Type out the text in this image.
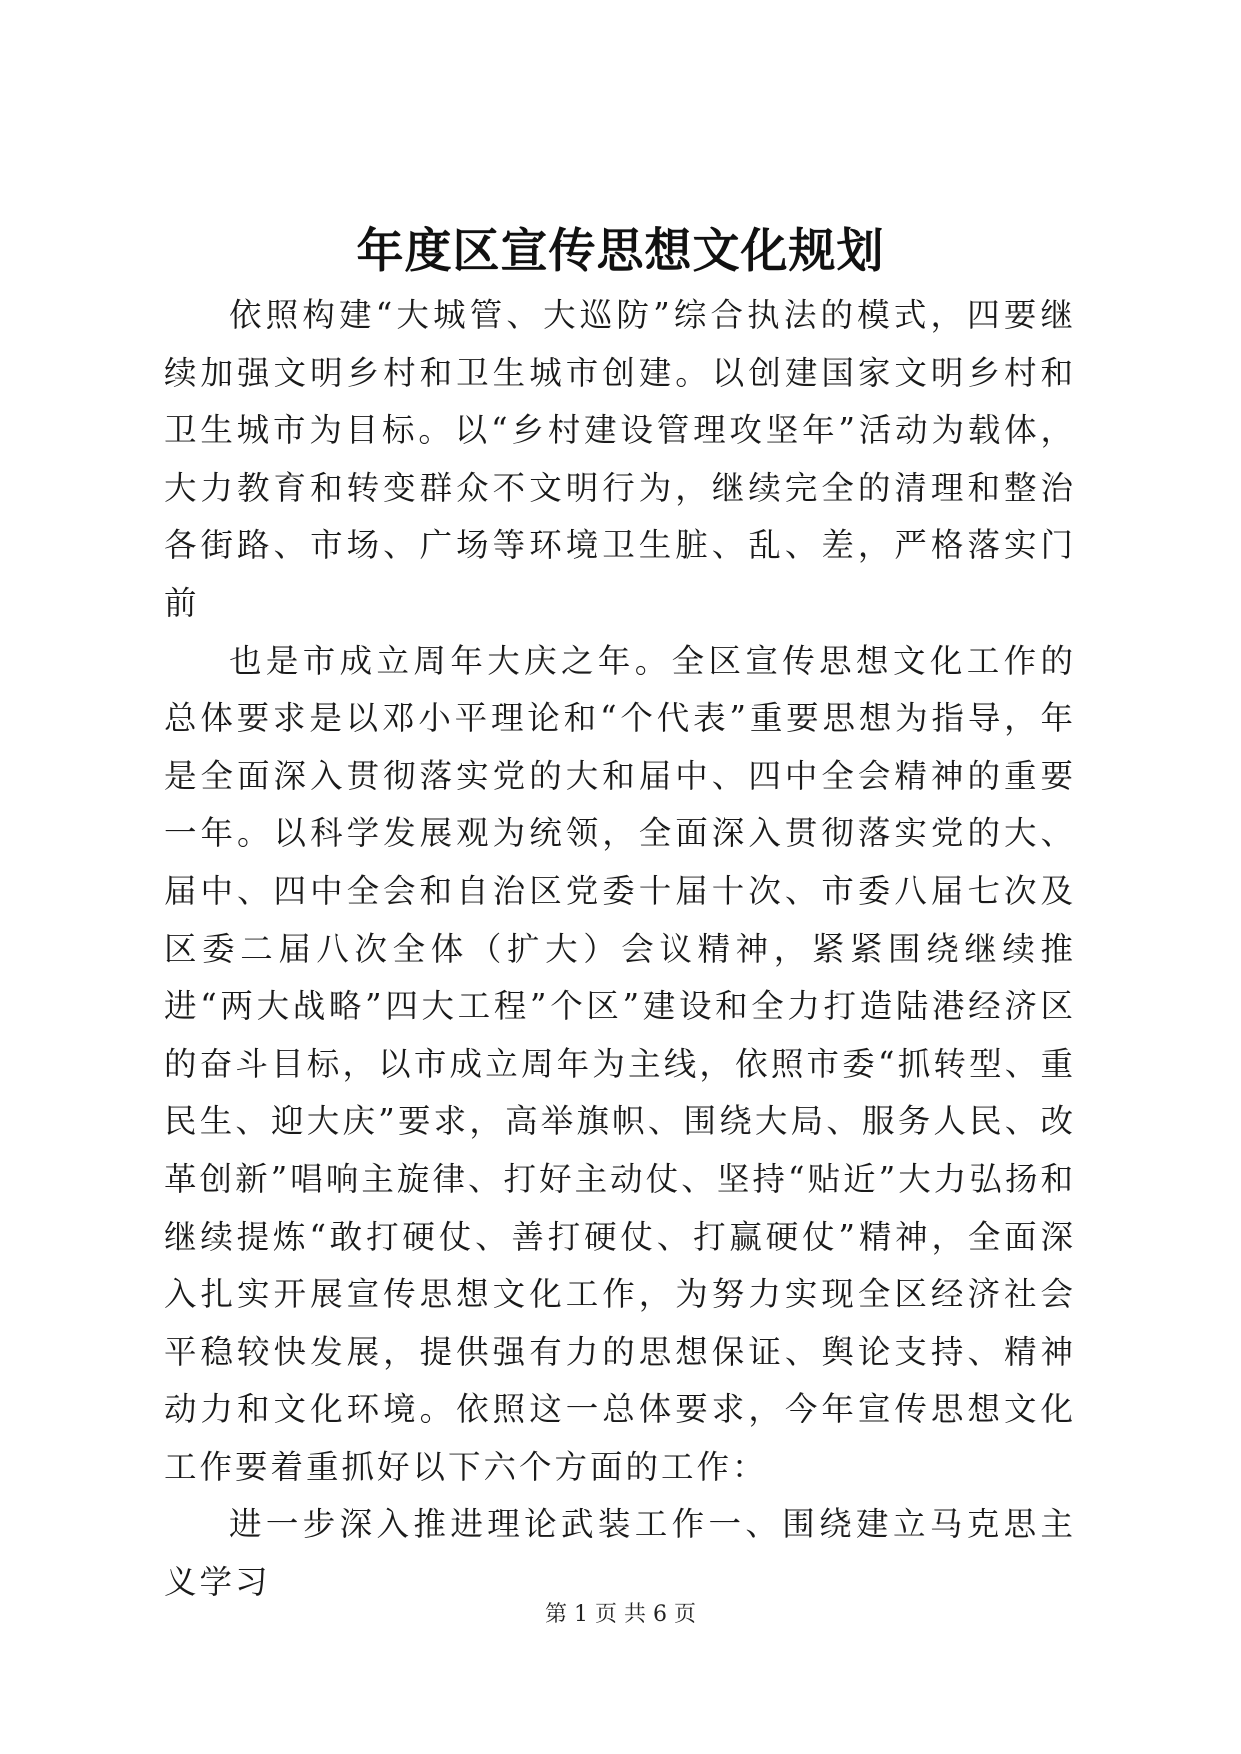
年度区宣传思想文化规划

依照构建“大城管、大巡防”综合执法的模式，四要继续加强文明乡村和卫生城市创建。以创建国家文明乡村和卫生城市为目标。以“乡村建设管理攻坚年”活动为载体，大力教育和转变群众不文明行为，继续完全的清理和整治各街路、市场、广场等环境卫生脏、乱、差，严格落实门前

也是市成立周年大庆之年。全区宣传思想文化工作的总体要求是以邓小平理论和“个代表”重要思想为指导，年是全面深入贯彻落实党的大和届中、四中全会精神的重要一年。以科学发展观为统领，全面深入贯彻落实党的大、届中、四中全会和自治区党委十届十次、市委八届七次及区委二届八次全体（扩大）会议精神，紧紧围绕继续推进“两大战略”四大工程”个区”建设和全力打造陆港经济区的奋斗目标，以市成立周年为主线，依照市委“抓转型、重民生、迎大庆”要求，高举旗帜、围绕大局、服务人民、改革创新”唱响主旋律、打好主动仗、坚持“贴近”大力弘扬和继续提炼“敢打硬仗、善打硬仗、打赢硬仗”精神，全面深入扎实开展宣传思想文化工作，为努力实现全区经济社会平稳较快发展，提供强有力的思想保证、舆论支持、精神动力和文化环境。依照这一总体要求，今年宣传思想文化工作要着重抓好以下六个方面的工作：

进一步深入推进理论武装工作一、围绕建立马克思主义学习

第 1 页 共 6 页
